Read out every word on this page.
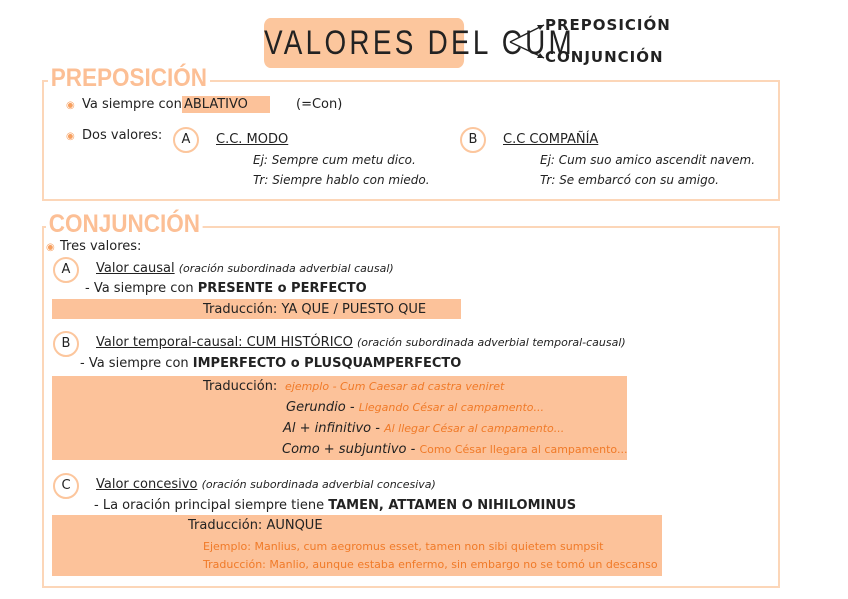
VALORES DEL CUM
PREPOSICIÓN
CONJUNCIÓN
PREPOSICIÓN
◉ Va siempre con ABLATIVO	(=Con)
◉ Dos valores:	A	C.C. MODO
Ej: Sempre cum metu dico.
Tr: Siempre hablo con miedo.
B	C.C COMPAÑÍA
Ej: Cum suo amico ascendit navem.
Tr: Se embarcó con su amigo.
CONJUNCIÓN
◉ Tres valores:
A	Valor causal (oración subordinada adverbial causal)
- Va siempre con PRESENTE o PERFECTO
Traducción: YA QUE / PUESTO QUE
B	Valor temporal-causal: CUM HISTÓRICO (oración subordinada adverbial temporal-causal)
- Va siempre con IMPERFECTO o PLUSQUAMPERFECTO
Traducción: ejemplo - Cum Caesar ad castra veniret
Gerundio - Llegando César al campamento...
Al + infinitivo - Al llegar César al campamento...
Como + subjuntivo - Como César llegara al campamento...
C	Valor concesivo (oración subordinada adverbial concesiva)
- La oración principal siempre tiene TAMEN, ATTAMEN O NIHILOMINUS
Traducción: AUNQUE
Ejemplo: Manlius, cum aegromus esset, tamen non sibi quietem sumpsit
Traducción: Manlio, aunque estaba enfermo, sin embargo no se tomó un descanso
